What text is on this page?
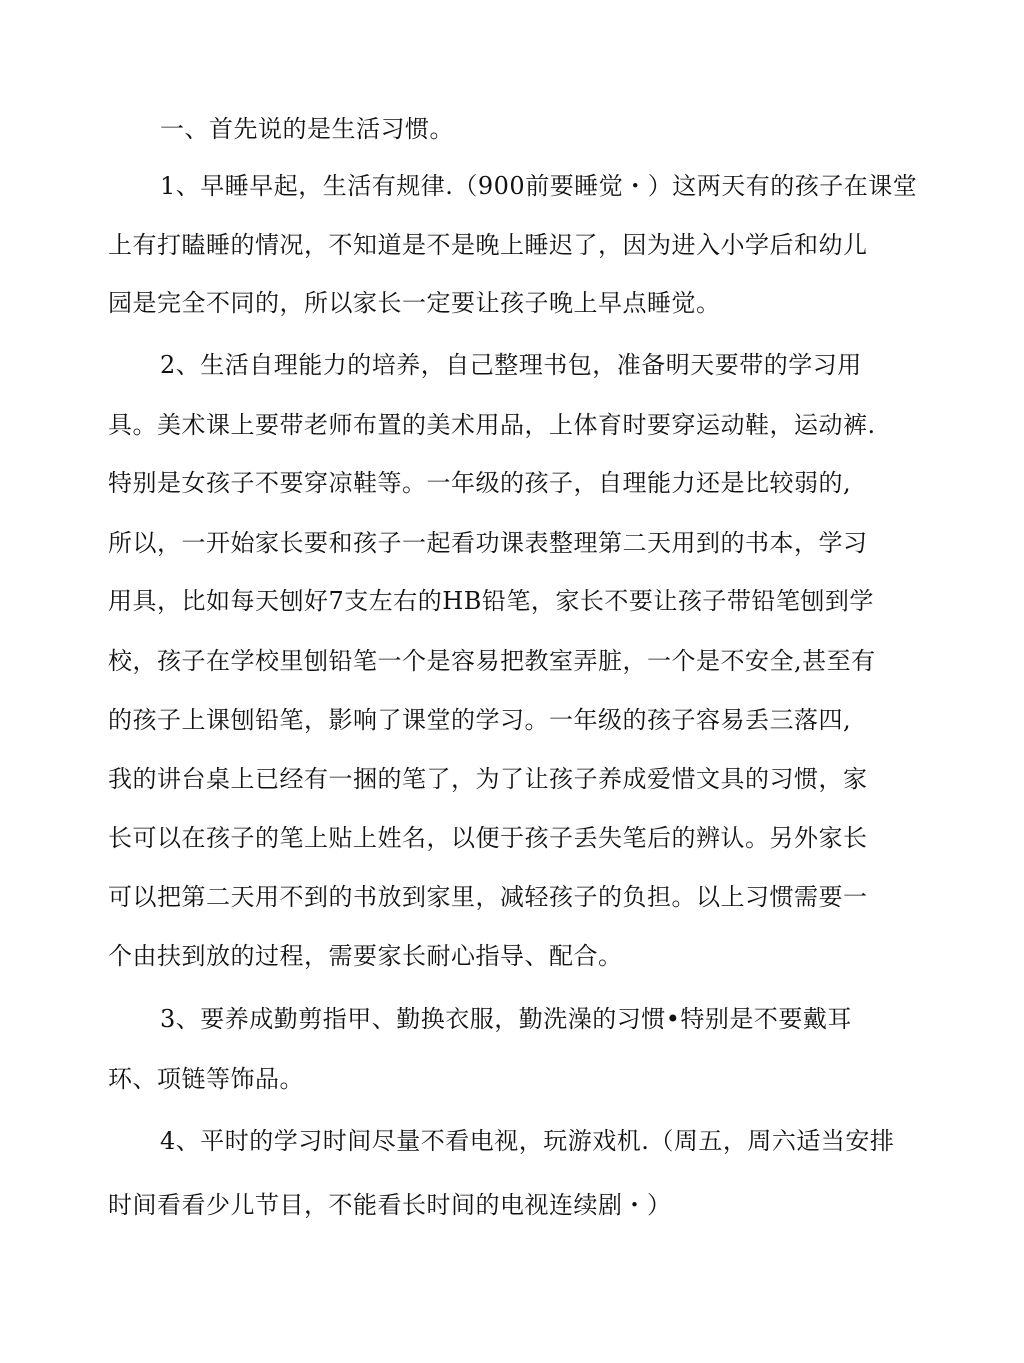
一、首先说的是生活习惯。
1、早睡早起，生活有规律.（900前要睡觉・）这两天有的孩子在课堂
上有打瞌睡的情况，不知道是不是晚上睡迟了，因为进入小学后和幼儿
园是完全不同的，所以家长一定要让孩子晚上早点睡觉。
2、生活自理能力的培养，自己整理书包，准备明天要带的学习用
具。美术课上要带老师布置的美术用品，上体育时要穿运动鞋，运动裤.
特别是女孩子不要穿凉鞋等。一年级的孩子，自理能力还是比较弱的,
所以，一开始家长要和孩子一起看功课表整理第二天用到的书本，学习
用具，比如每天刨好7支左右的HB铅笔，家长不要让孩子带铅笔刨到学
校，孩子在学校里刨铅笔一个是容易把教室弄脏，一个是不安全,甚至有
的孩子上课刨铅笔，影响了课堂的学习。一年级的孩子容易丢三落四,
我的讲台桌上已经有一捆的笔了，为了让孩子养成爱惜文具的习惯，家
长可以在孩子的笔上贴上姓名，以便于孩子丢失笔后的辨认。另外家长
可以把第二天用不到的书放到家里，减轻孩子的负担。以上习惯需要一
个由扶到放的过程，需要家长耐心指导、配合。
3、要养成勤剪指甲、勤换衣服，勤洗澡的习惯•特别是不要戴耳
环、项链等饰品。
4、平时的学习时间尽量不看电视，玩游戏机.（周五，周六适当安排
时间看看少儿节目，不能看长时间的电视连续剧・）
